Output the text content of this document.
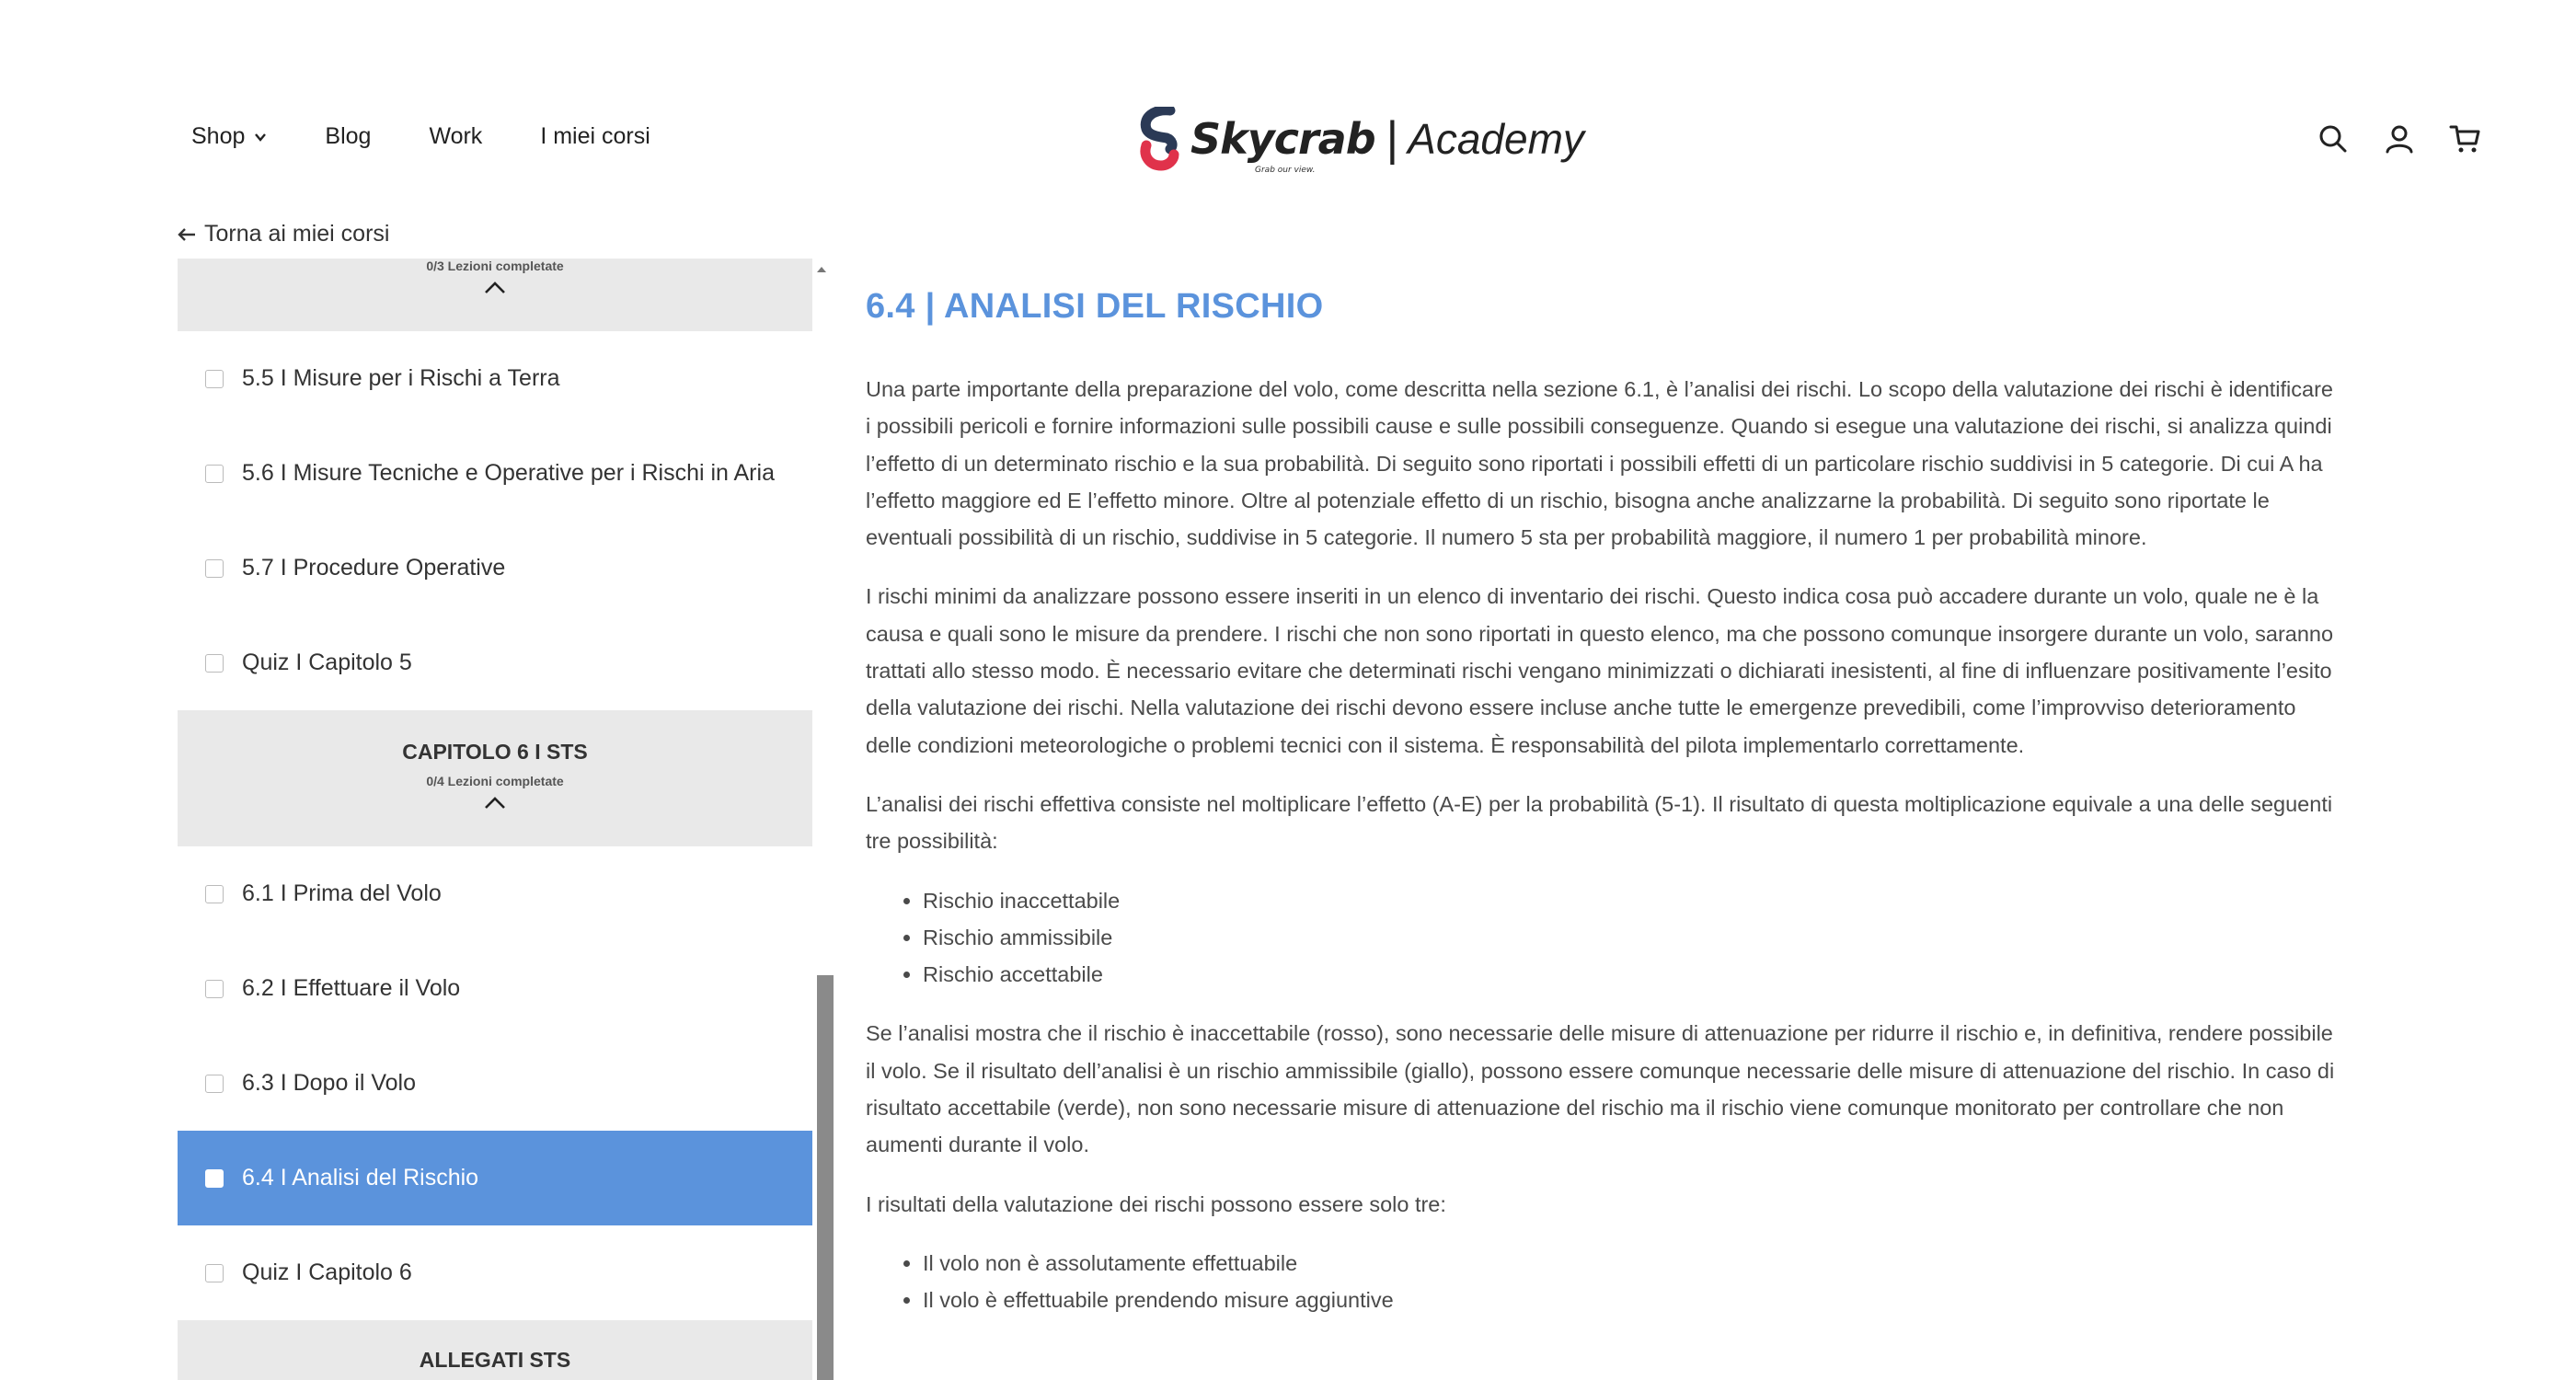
Shop	Blog	Work	I miei corsi	Skycrab
Grab our view.
| Academy
Torna ai miei corsi
0/3 Lezioni completate
5.5 I Misure per i Rischi a Terra
5.6 I Misure Tecniche e Operative per i Rischi in Aria
5.7 I Procedure Operative
Quiz I Capitolo 5
CAPITOLO 6 I STS
0/4 Lezioni completate
6.1 I Prima del Volo
6.2 I Effettuare il Volo
6.3 I Dopo il Volo
6.4 I Analisi del Rischio
Quiz I Capitolo 6
ALLEGATI STS
6.4 | ANALISI DEL RISCHIO

Una parte importante della preparazione del volo, come descritta nella sezione 6.1, è l’analisi dei rischi. Lo scopo della valutazione dei rischi è identificare i possibili pericoli e fornire informazioni sulle possibili cause e sulle possibili conseguenze. Quando si esegue una valutazione dei rischi, si analizza quindi l’effetto di un determinato rischio e la sua probabilità. Di seguito sono riportati i possibili effetti di un particolare rischio suddivisi in 5 categorie. Di cui A ha l’effetto maggiore ed E l’effetto minore. Oltre al potenziale effetto di un rischio, bisogna anche analizzarne la probabilità. Di seguito sono riportate le eventuali possibilità di un rischio, suddivise in 5 categorie. Il numero 5 sta per probabilità maggiore, il numero 1 per probabilità minore.

I rischi minimi da analizzare possono essere inseriti in un elenco di inventario dei rischi. Questo indica cosa può accadere durante un volo, quale ne è la causa e quali sono le misure da prendere. I rischi che non sono riportati in questo elenco, ma che possono comunque insorgere durante un volo, saranno trattati allo stesso modo. È necessario evitare che determinati rischi vengano minimizzati o dichiarati inesistenti, al fine di influenzare positivamente l’esito della valutazione dei rischi. Nella valutazione dei rischi devono essere incluse anche tutte le emergenze prevedibili, come l’improvviso deterioramento delle condizioni meteorologiche o problemi tecnici con il sistema. È responsabilità del pilota implementarlo correttamente.

L’analisi dei rischi effettiva consiste nel moltiplicare l’effetto (A-E) per la probabilità (5-1). Il risultato di questa moltiplicazione equivale a una delle seguenti tre possibilità:

• Rischio inaccettabile
• Rischio ammissibile
• Rischio accettabile

Se l’analisi mostra che il rischio è inaccettabile (rosso), sono necessarie delle misure di attenuazione per ridurre il rischio e, in definitiva, rendere possibile il volo. Se il risultato dell’analisi è un rischio ammissibile (giallo), possono essere comunque necessarie delle misure di attenuazione del rischio. In caso di risultato accettabile (verde), non sono necessarie misure di attenuazione del rischio ma il rischio viene comunque monitorato per controllare che non aumenti durante il volo.

I risultati della valutazione dei rischi possono essere solo tre:

• Il volo non è assolutamente effettuabile
• Il volo è effettuabile prendendo misure aggiuntive
